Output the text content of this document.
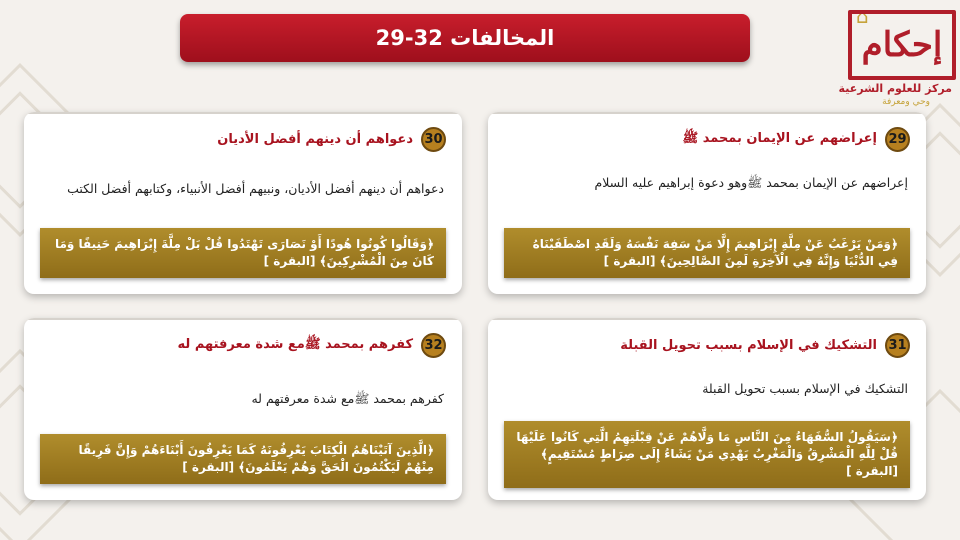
المخالفات 32-29
⌂
إحكام
مركز للعلوم الشرعية
وحي ومعرفة
29
إعراضهم عن الإيمان بمحمد ﷺ
إعراضهم عن الإيمان بمحمد ﷺوهو دعوة إبراهيم عليه السلام
﴿وَمَنْ يَرْغَبُ عَنْ مِلَّةِ إِبْرَاهِيمَ إِلَّا مَنْ سَفِهَ نَفْسَهُ وَلَقَدِ اصْطَفَيْنَاهُ فِي الدُّنْيَا وَإِنَّهُ فِي الْآخِرَةِ لَمِنَ الصَّالِحِينَ﴾ [البقرة ]
30
دعواهم أن دينهم أفضل الأديان
دعواهم أن دينهم أفضل الأديان، ونبيهم أفضل الأنبياء، وكتابهم أفضل الكتب
﴿وَقَالُوا كُونُوا هُودًا أَوْ نَصَارَى تَهْتَدُوا قُلْ بَلْ مِلَّةَ إِبْرَاهِيمَ حَنِيفًا وَمَا كَانَ مِنَ الْمُشْرِكِينَ﴾ [البقرة ]
31
التشكيك في الإسلام بسبب تحويل القبلة
التشكيك في الإسلام بسبب تحويل القبلة
﴿سَيَقُولُ السُّفَهَاءُ مِنَ النَّاسِ مَا وَلَّاهُمْ عَنْ قِبْلَتِهِمُ الَّتِي كَانُوا عَلَيْهَا قُلْ لِلَّهِ الْمَشْرِقُ وَالْمَغْرِبُ يَهْدِي مَنْ يَشَاءُ إِلَى صِرَاطٍ مُسْتَقِيمٍ﴾ [البقرة ]
32
كفرهم بمحمد ﷺمع شدة معرفتهم له
كفرهم بمحمد ﷺمع شدة معرفتهم له
﴿الَّذِينَ آتَيْنَاهُمُ الْكِتَابَ يَعْرِفُونَهُ كَمَا يَعْرِفُونَ أَبْنَاءَهُمْ وَإِنَّ فَرِيقًا مِنْهُمْ لَيَكْتُمُونَ الْحَقَّ وَهُمْ يَعْلَمُونَ﴾ [البقرة ]
